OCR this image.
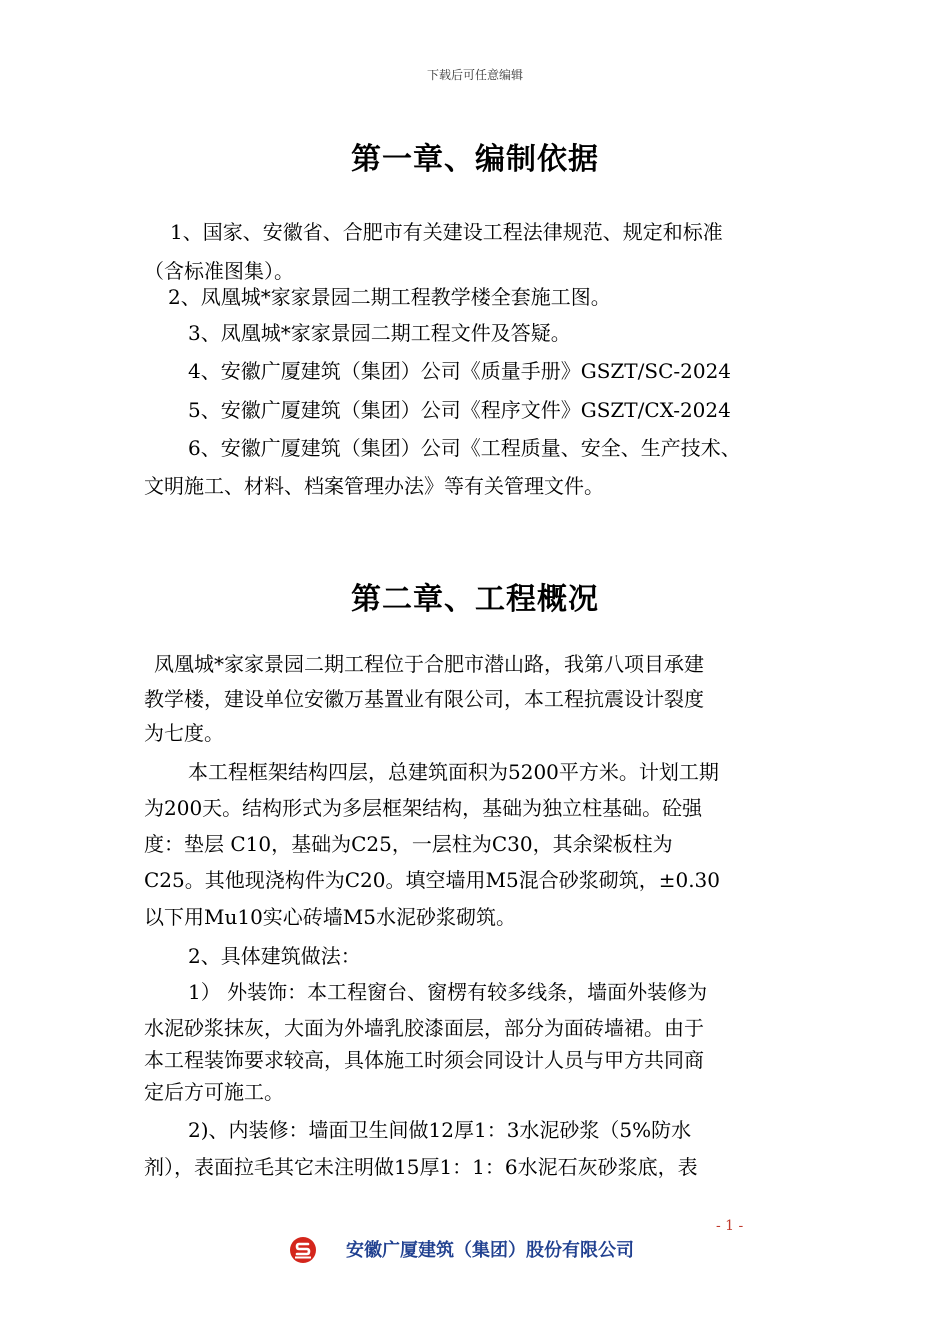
下载后可任意编辑
第一章、编制依据
1、国家、安徽省、合肥市有关建设工程法律规范、规定和标准
（含标准图集）。
2、凤凰城*家家景园二期工程教学楼全套施工图。
3、凤凰城*家家景园二期工程文件及答疑。
4、安徽广厦建筑（集团）公司《质量手册》GSZT/SC-2024
5、安徽广厦建筑（集团）公司《程序文件》GSZT/CX-2024
6、安徽广厦建筑（集团）公司《工程质量、安全、生产技术、
文明施工、材料、档案管理办法》等有关管理文件。
第二章、工程概况
凤凰城*家家景园二期工程位于合肥市潜山路，我第八项目承建
教学楼，建设单位安徽万基置业有限公司，本工程抗震设计裂度
为七度。
本工程框架结构四层，总建筑面积为5200平方米。计划工期
为200天。结构形式为多层框架结构，基础为独立柱基础。砼强
度：垫层 C10，基础为C25，一层柱为C30，其余梁板柱为
C25。其他现浇构件为C20。填空墙用M5混合砂浆砌筑，±0.30
以下用Mu10实心砖墙M5水泥砂浆砌筑。
2、具体建筑做法：
1） 外装饰：本工程窗台、窗楞有较多线条，墙面外装修为
水泥砂浆抹灰，大面为外墙乳胶漆面层，部分为面砖墙裙。由于
本工程装饰要求较高，具体施工时须会同设计人员与甲方共同商
定后方可施工。
2)、内装修：墙面卫生间做12厚1：3水泥砂浆（5%防水
剂），表面拉毛其它未注明做15厚1：1：6水泥石灰砂浆底，表
- 1 -
安徽广厦建筑（集团）股份有限公司
